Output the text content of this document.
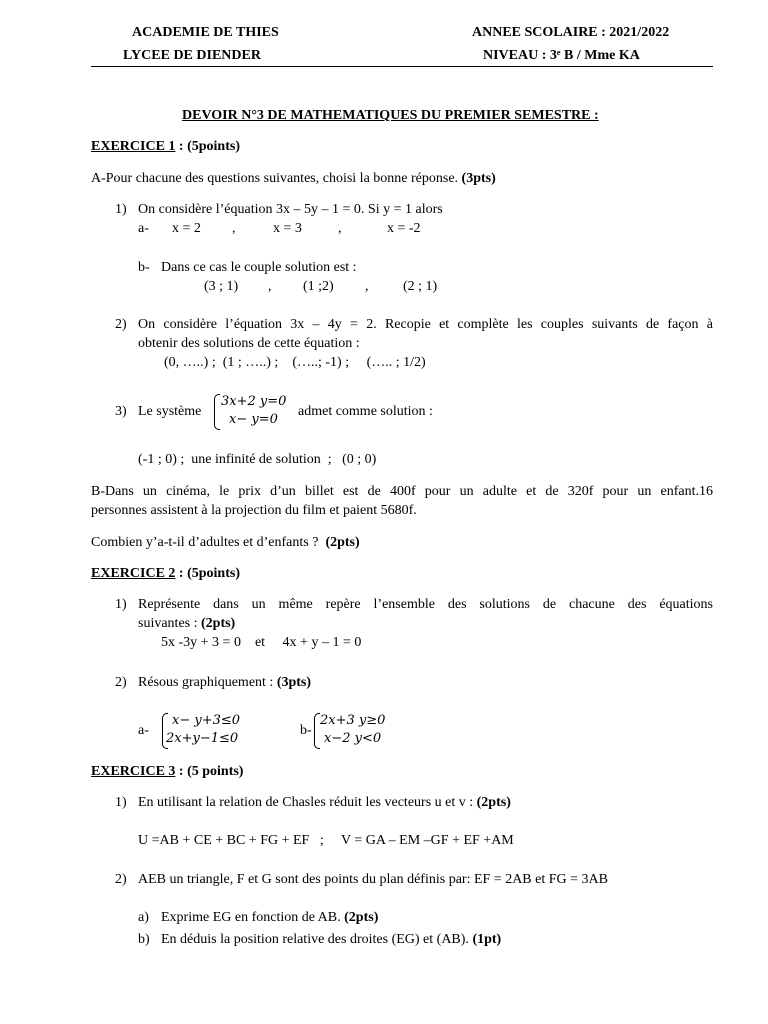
ACADEMIE DE THIES	ANNEE SCOLAIRE : 2021/2022
LYCEE DE DIENDER	NIVEAU : 3ᵉ B / Mme KA
DEVOIR N°3 DE MATHEMATIQUES DU PREMIER SEMESTRE :
EXERCICE 1 : (5points)
A-Pour chacune des questions suivantes, choisi la bonne réponse. (3pts)
1) On considère l’équation 3x – 5y – 1 = 0. Si y = 1 alors
a- x = 2 ,	x = 3	,	x = -2
b- Dans ce cas le couple solution est :
(3 ; 1) , (1 ;2) , (2 ; 1)
2) On considère l’équation 3x – 4y = 2. Recopie et complète les couples suivants de façon à
obtenir des solutions de cette équation :
(0, …..) ;  (1 ; …..) ;    (…..; -1) ;     (….. ; 1/2)
3) Le système
3x+2 y=0
x− y=0
admet comme solution :
(-1 ; 0) ;  une infinité de solution  ;   (0 ; 0)
B-Dans un cinéma, le prix d’un billet est de 400f pour un adulte et de 320f pour un enfant.16
personnes assistent à la projection du film et paient 5680f.
Combien y’a-t-il d’adultes et d’enfants ?  (2pts)
EXERCICE 2 : (5points)
1) Représente dans un même repère l’ensemble des solutions de chacune des équations
suivantes : (2pts)
5x -3y + 3 = 0    et     4x + y – 1 = 0
2) Résous graphiquement : (3pts)
a-
x− y+3≤0
2x+y−1≤0
b-
2x+3 y≥0
x−2 y<0
EXERCICE 3 : (5 points)
1) En utilisant la relation de Chasles réduit les vecteurs u et v : (2pts)
U =AB + CE + BC + FG + EF   ;     V = GA – EM –GF + EF +AM
2) AEB un triangle, F et G sont des points du plan définis par: EF = 2AB et FG = 3AB
a) Exprime EG en fonction de AB. (2pts)
b) En déduis la position relative des droites (EG) et (AB). (1pt)
